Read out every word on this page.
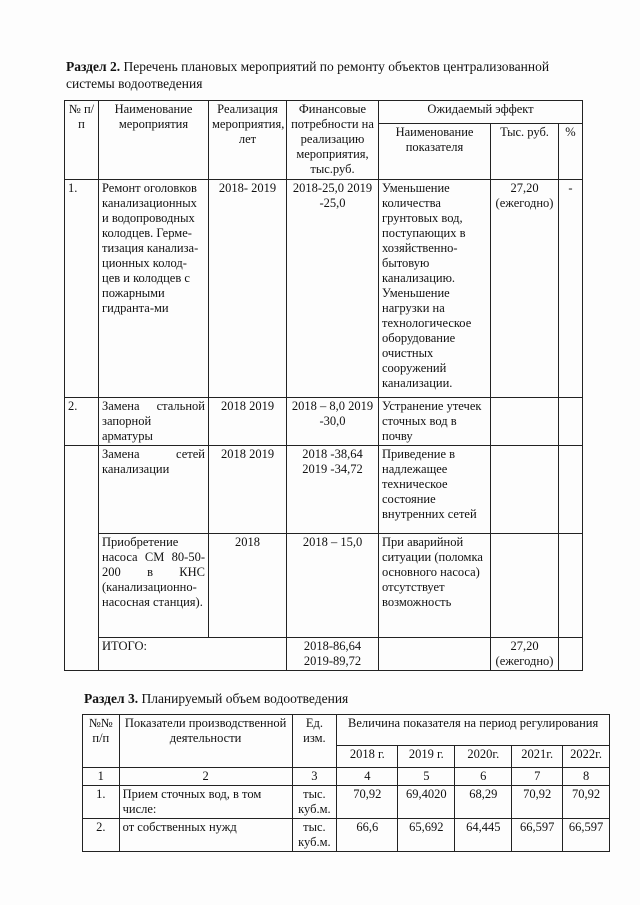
Раздел 2. Перечень плановых мероприятий по ремонту объектов централизованной системы водоотведения
№ п/п	Наименование мероприятия	Реализация мероприятия, лет	Финансовые потребности на реализацию мероприятия, тыс.руб.	Ожидаемый эффект		
				Наименование показателя	Тыс. руб.	%
1.	Ремонт оголовков канализационных и водопроводных колодцев. Герме-тизация канализа-ционных колод-цев и колодцев с пожарными гидранта-ми	2018- 2019	2018-25,0 2019 -25,0	Уменьшение количества грунтовых вод, поступающих в хозяйственно-бытовую канализацию. Уменьшение нагрузки на технологическое оборудование очистных сооружений канализации.	27,20 (ежегодно)	-
2.	Замена стальной запорной арматуры	2018 2019	2018 – 8,0 2019 -30,0	Устранение утечек сточных вод в почву		
	Замена сетей канализации	2018 2019	2018 -38,64 2019 -34,72	Приведение в надлежащее техническое состояние внутренних сетей		
	Приобретение насоса СМ 80-50-200 в КНС (канализационно-насосная станция).	2018	2018 – 15,0	При аварийной ситуации (поломка основного насоса) отсутствует возможность		
	ИТОГО:		2018-86,64 2019-89,72		27,20 (ежегодно)	
Раздел 3. Планируемый объем водоотведения
№№ п/п	Показатели производственной деятельности	Ед. изм.	Величина показателя на период регулирования				
			2018 г.	2019 г.	2020г.	2021г.	2022г.
1	2	3	4	5	6	7	8
1.	Прием сточных вод, в том числе:	тыс. куб.м.	70,92	69,4020	68,29	70,92	70,92
2.	от собственных нужд	тыс. куб.м.	66,6	65,692	64,445	66,597	66,597
